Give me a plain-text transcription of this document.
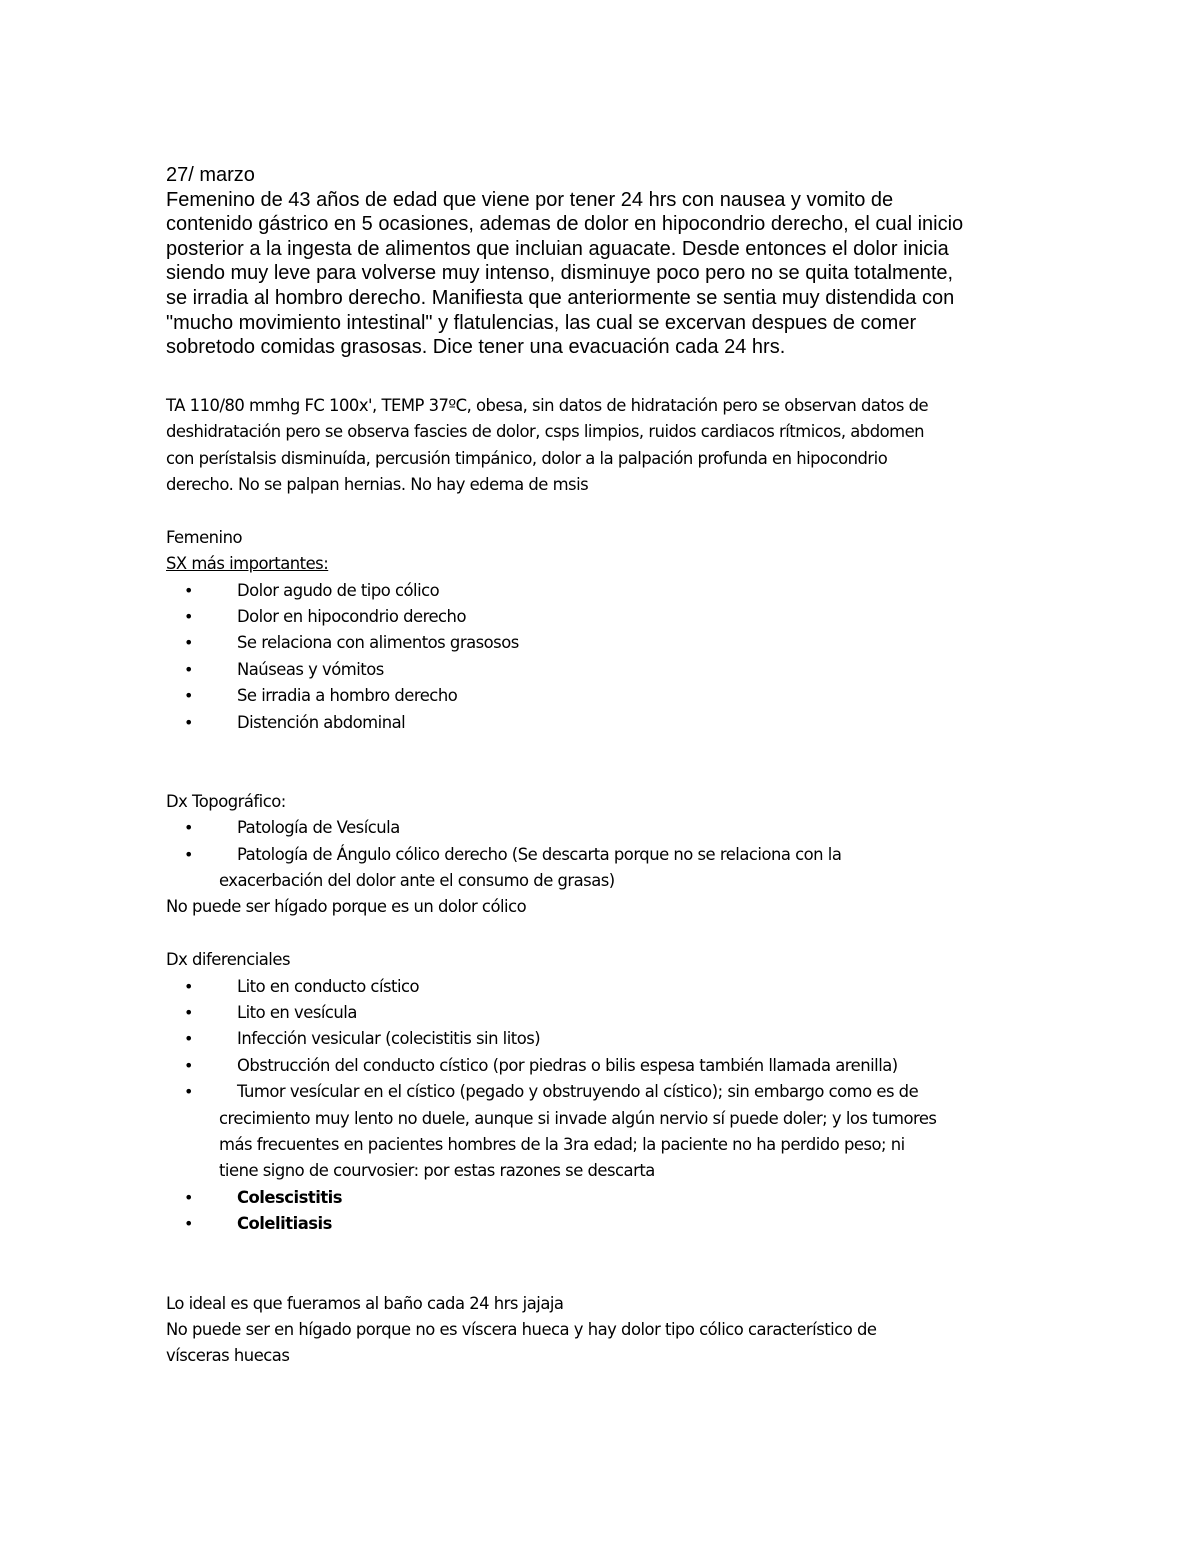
27/ marzo

Femenino de 43 años de edad que viene por tener 24 hrs con nausea y vomito de

contenido gástrico en 5 ocasiones, ademas de dolor en hipocondrio derecho, el cual inicio

posterior a la ingesta de alimentos que incluian aguacate. Desde entonces el dolor inicia

siendo muy leve para volverse muy intenso, disminuye poco pero no se quita totalmente,

se irradia al hombro derecho. Manifiesta que anteriormente se sentia muy distendida con

"mucho movimiento intestinal" y flatulencias, las cual se excervan despues de comer

sobretodo comidas grasosas. Dice tener una evacuación cada 24 hrs.

TA 110/80 mmhg FC 100x', TEMP 37ºC, obesa, sin datos de hidratación pero se observan datos de

deshidratación pero se observa fascies de dolor, csps limpios, ruidos cardiacos rítmicos, abdomen

con perístalsis disminuída, percusión timpánico, dolor a la palpación profunda en hipocondrio

derecho. No se palpan hernias. No hay edema de msis

Femenino

SX más importantes:

•	Dolor agudo de tipo cólico
•	Dolor en hipocondrio derecho
•	Se relaciona con alimentos grasosos
•	Naúseas y vómitos
•	Se irradia a hombro derecho
•	Distención abdominal

Dx Topográfico:

•	Patología de Vesícula
•	Patología de Ángulo cólico derecho (Se descarta porque no se relaciona con la
exacerbación del dolor ante el consumo de grasas)

No puede ser hígado porque es un dolor cólico

Dx diferenciales

•	Lito en conducto cístico
•	Lito en vesícula
•	Infección vesicular (colecistitis sin litos)
•	Obstrucción del conducto cístico (por piedras o bilis espesa también llamada arenilla)
•	Tumor vesícular en el cístico (pegado y obstruyendo al cístico); sin embargo como es de
crecimiento muy lento no duele, aunque si invade algún nervio sí puede doler; y los tumores
más frecuentes en pacientes hombres de la 3ra edad; la paciente no ha perdido peso; ni
tiene signo de courvosier: por estas razones se descarta
•	Colescistitis
•	Colelitiasis

Lo ideal es que fueramos al baño cada 24 hrs jajaja

No puede ser en hígado porque no es víscera hueca y hay dolor tipo cólico característico de

vísceras huecas
